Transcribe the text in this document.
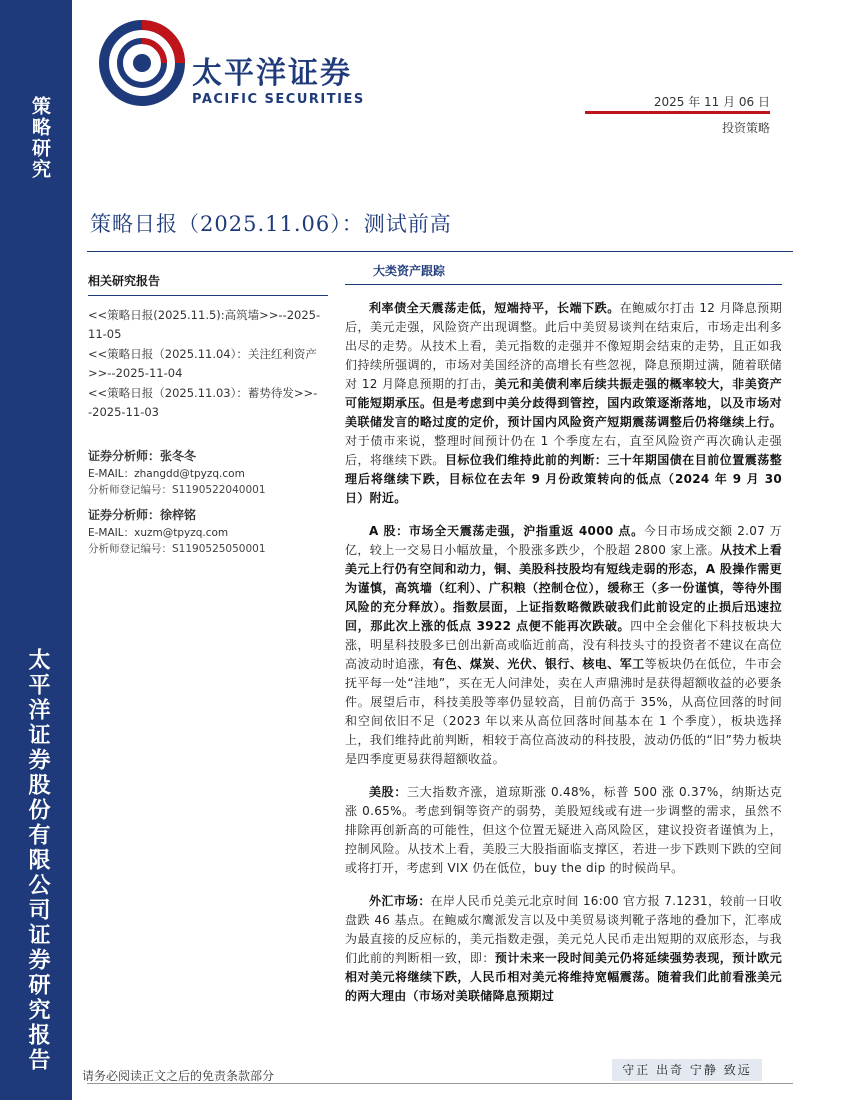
策略研究
太平洋证券股份有限公司证券研究报告
太平洋证券
PACIFIC SECURITIES	2025 年 11 月 06 日
投资策略
策略日报（2025.11.06）：测试前高
相关研究报告
<<策略日报(2025.11.5):高筑墙>>--2025-11-05
<<策略日报（2025.11.04）：关注红利资产>>--2025-11-04
<<策略日报（2025.11.03）：蓄势待发>>--2025-11-03
证券分析师：张冬冬
E-MAIL：zhangdd@tpyzq.com
分析师登记编号：S1190522040001
证券分析师：徐梓铭
E-MAIL：xuzm@tpyzq.com
分析师登记编号：S1190525050001
大类资产跟踪
利率债全天震荡走低，短端持平，长端下跌。在鲍威尔打击 12 月降息预期后，美元走强，风险资产出现调整。此后中美贸易谈判在结束后，市场走出利多出尽的走势。从技术上看，美元指数的走强并不像短期会结束的走势，且正如我们持续所强调的，市场对美国经济的高增长有些忽视，降息预期过满，随着联储对 12 月降息预期的打击，美元和美债利率后续共振走强的概率较大，非美资产可能短期承压。但是考虑到中美分歧得到管控，国内政策逐渐落地，以及市场对美联储发言的略过度的定价，预计国内风险资产短期震荡调整后仍将继续上行。对于债市来说，整理时间预计仍在 1 个季度左右，直至风险资产再次确认走强后，将继续下跌。目标位我们维持此前的判断：三十年期国债在目前位置震荡整理后将继续下跌，目标位在去年 9 月份政策转向的低点（2024 年 9 月 30 日）附近。
A 股：市场全天震荡走强，沪指重返 4000 点。今日市场成交额 2.07 万亿，较上一交易日小幅放量，个股涨多跌少，个股超 2800 家上涨。从技术上看美元上行仍有空间和动力，铜、美股科技股均有短线走弱的形态，A 股操作需更为谨慎，高筑墙（红利）、广积粮（控制仓位），缓称王（多一份谨慎，等待外围风险的充分释放）。指数层面，上证指数略微跌破我们此前设定的止损后迅速拉回，那此次上涨的低点 3922 点便不能再次跌破。四中全会催化下科技板块大涨，明星科技股多已创出新高或临近前高，没有科技头寸的投资者不建议在高位高波动时追涨，有色、煤炭、光伏、银行、核电、军工等板块仍在低位，牛市会抚平每一处“洼地”，买在无人问津处，卖在人声鼎沸时是获得超额收益的必要条件。展望后市，科技美股等率仍显较高，目前仍高于 35%，从高位回落的时间和空间依旧不足（2023 年以来从高位回落时间基本在 1 个季度），板块选择上，我们维持此前判断，相较于高位高波动的科技股，波动仍低的“旧”势力板块是四季度更易获得超额收益。
美股：三大指数齐涨，道琼斯涨 0.48%，标普 500 涨 0.37%，纳斯达克涨 0.65%。考虑到铜等资产的弱势，美股短线或有进一步调整的需求，虽然不排除再创新高的可能性，但这个位置无疑进入高风险区，建议投资者谨慎为上，控制风险。从技术上看，美股三大股指面临支撑区，若进一步下跌则下跌的空间或将打开，考虑到 VIX 仍在低位，buy the dip 的时候尚早。
外汇市场：在岸人民币兑美元北京时间 16:00 官方报 7.1231，较前一日收盘跌 46 基点。在鲍威尔鹰派发言以及中美贸易谈判靴子落地的叠加下，汇率成为最直接的反应标的，美元指数走强，美元兑人民币走出短期的双底形态，与我们此前的判断相一致，即：预计未来一段时间美元仍将延续强势表现，预计欧元相对美元将继续下跌，人民币相对美元将维持宽幅震荡。随着我们此前看涨美元的两大理由（市场对美联储降息预期过
请务必阅读正文之后的免责条款部分	守正 出奇 宁静 致远
